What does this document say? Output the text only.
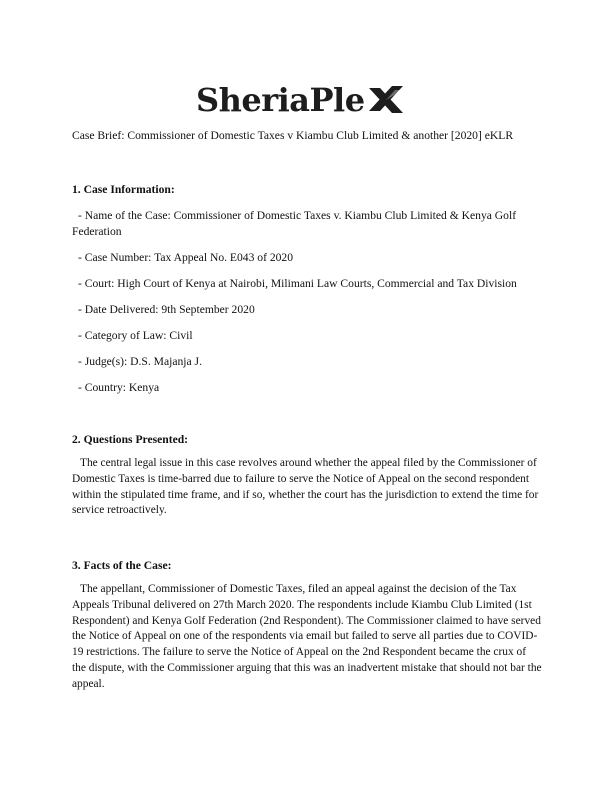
SheriaPle
Case Brief: Commissioner of Domestic Taxes v Kiambu Club Limited & another [2020] eKLR
1. Case Information:
- Name of the Case: Commissioner of Domestic Taxes v. Kiambu Club Limited & Kenya Golf Federation
- Case Number: Tax Appeal No. E043 of 2020
- Court: High Court of Kenya at Nairobi, Milimani Law Courts, Commercial and Tax Division
- Date Delivered: 9th September 2020
- Category of Law: Civil
- Judge(s): D.S. Majanja J.
- Country: Kenya
2. Questions Presented:
The central legal issue in this case revolves around whether the appeal filed by the Commissioner of Domestic Taxes is time-barred due to failure to serve the Notice of Appeal on the second respondent within the stipulated time frame, and if so, whether the court has the jurisdiction to extend the time for service retroactively.
3. Facts of the Case:
The appellant, Commissioner of Domestic Taxes, filed an appeal against the decision of the Tax Appeals Tribunal delivered on 27th March 2020. The respondents include Kiambu Club Limited (1st Respondent) and Kenya Golf Federation (2nd Respondent). The Commissioner claimed to have served the Notice of Appeal on one of the respondents via email but failed to serve all parties due to COVID-19 restrictions. The failure to serve the Notice of Appeal on the 2nd Respondent became the crux of the dispute, with the Commissioner arguing that this was an inadvertent mistake that should not bar the appeal.
